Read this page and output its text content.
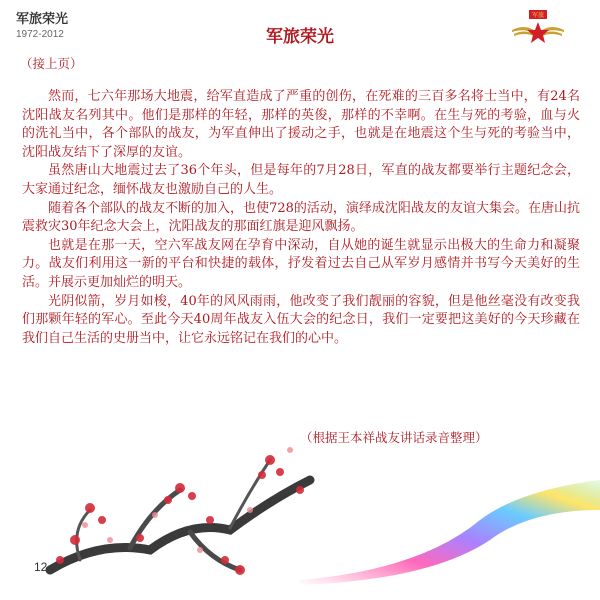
军旅荣光
1972-2012	军旅荣光
军旅
（接上页）

然而，七六年那场大地震，给军直造成了严重的创伤，在死难的三百多名将士当中，有24名沈阳战友名列其中。他们是那样的年轻，那样的英俊，那样的不幸啊。在生与死的考验，血与火的洗礼当中，各个部队的战友，为军直伸出了援动之手，也就是在地震这个生与死的考验当中，沈阳战友结下了深厚的友谊。

虽然唐山大地震过去了36个年头，但是每年的7月28日，军直的战友都要举行主题纪念会，大家通过纪念，缅怀战友也激励自己的人生。

随着各个部队的战友不断的加入，也使728的活动，演绎成沈阳战友的友谊大集会。在唐山抗震救灾30年纪念大会上，沈阳战友的那面红旗是迎风飘扬。

也就是在那一天，空六军战友网在孕育中深动，自从她的诞生就显示出极大的生命力和凝聚力。战友们利用这一新的平台和快捷的载体，抒发着过去自己从军岁月感情并书写今天美好的生活。并展示更加灿烂的明天。

光阴似箭，岁月如梭，40年的风风雨雨，他改变了我们靓丽的容貌，但是他丝毫没有改变我们那颗年轻的军心。至此今天40周年战友入伍大会的纪念日，我们一定要把这美好的今天珍藏在我们自己生活的史册当中，让它永远铭记在我们的心中。

（根据王本祥战友讲话录音整理）
12
